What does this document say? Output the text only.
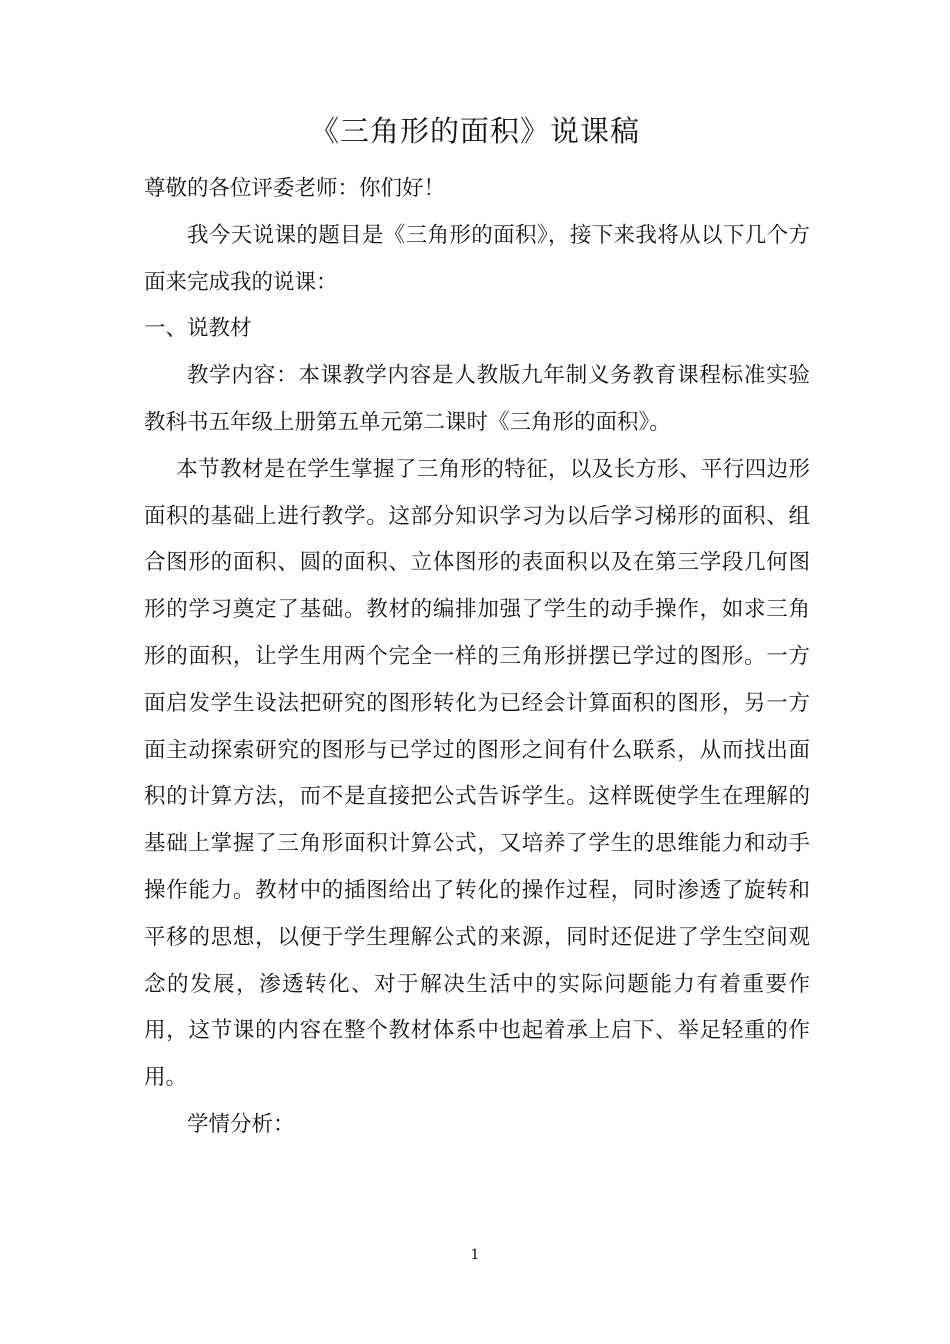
《三角形的面积》说课稿

尊敬的各位评委老师：你们好！

我今天说课的题目是《三角形的面积》，接下来我将从以下几个方面来完成我的说课：

一、说教材

教学内容：本课教学内容是人教版九年制义务教育课程标准实验教科书五年级上册第五单元第二课时《三角形的面积》。

本节教材是在学生掌握了三角形的特征，以及长方形、平行四边形面积的基础上进行教学。这部分知识学习为以后学习梯形的面积、组合图形的面积、圆的面积、立体图形的表面积以及在第三学段几何图形的学习奠定了基础。教材的编排加强了学生的动手操作，如求三角形的面积，让学生用两个完全一样的三角形拼摆已学过的图形。一方面启发学生设法把研究的图形转化为已经会计算面积的图形，另一方面主动探索研究的图形与已学过的图形之间有什么联系，从而找出面积的计算方法，而不是直接把公式告诉学生。这样既使学生在理解的基础上掌握了三角形面积计算公式，又培养了学生的思维能力和动手操作能力。教材中的插图给出了转化的操作过程，同时渗透了旋转和平移的思想，以便于学生理解公式的来源，同时还促进了学生空间观念的发展，渗透转化、对于解决生活中的实际问题能力有着重要作用，这节课的内容在整个教材体系中也起着承上启下、举足轻重的作用。

学情分析：

1
